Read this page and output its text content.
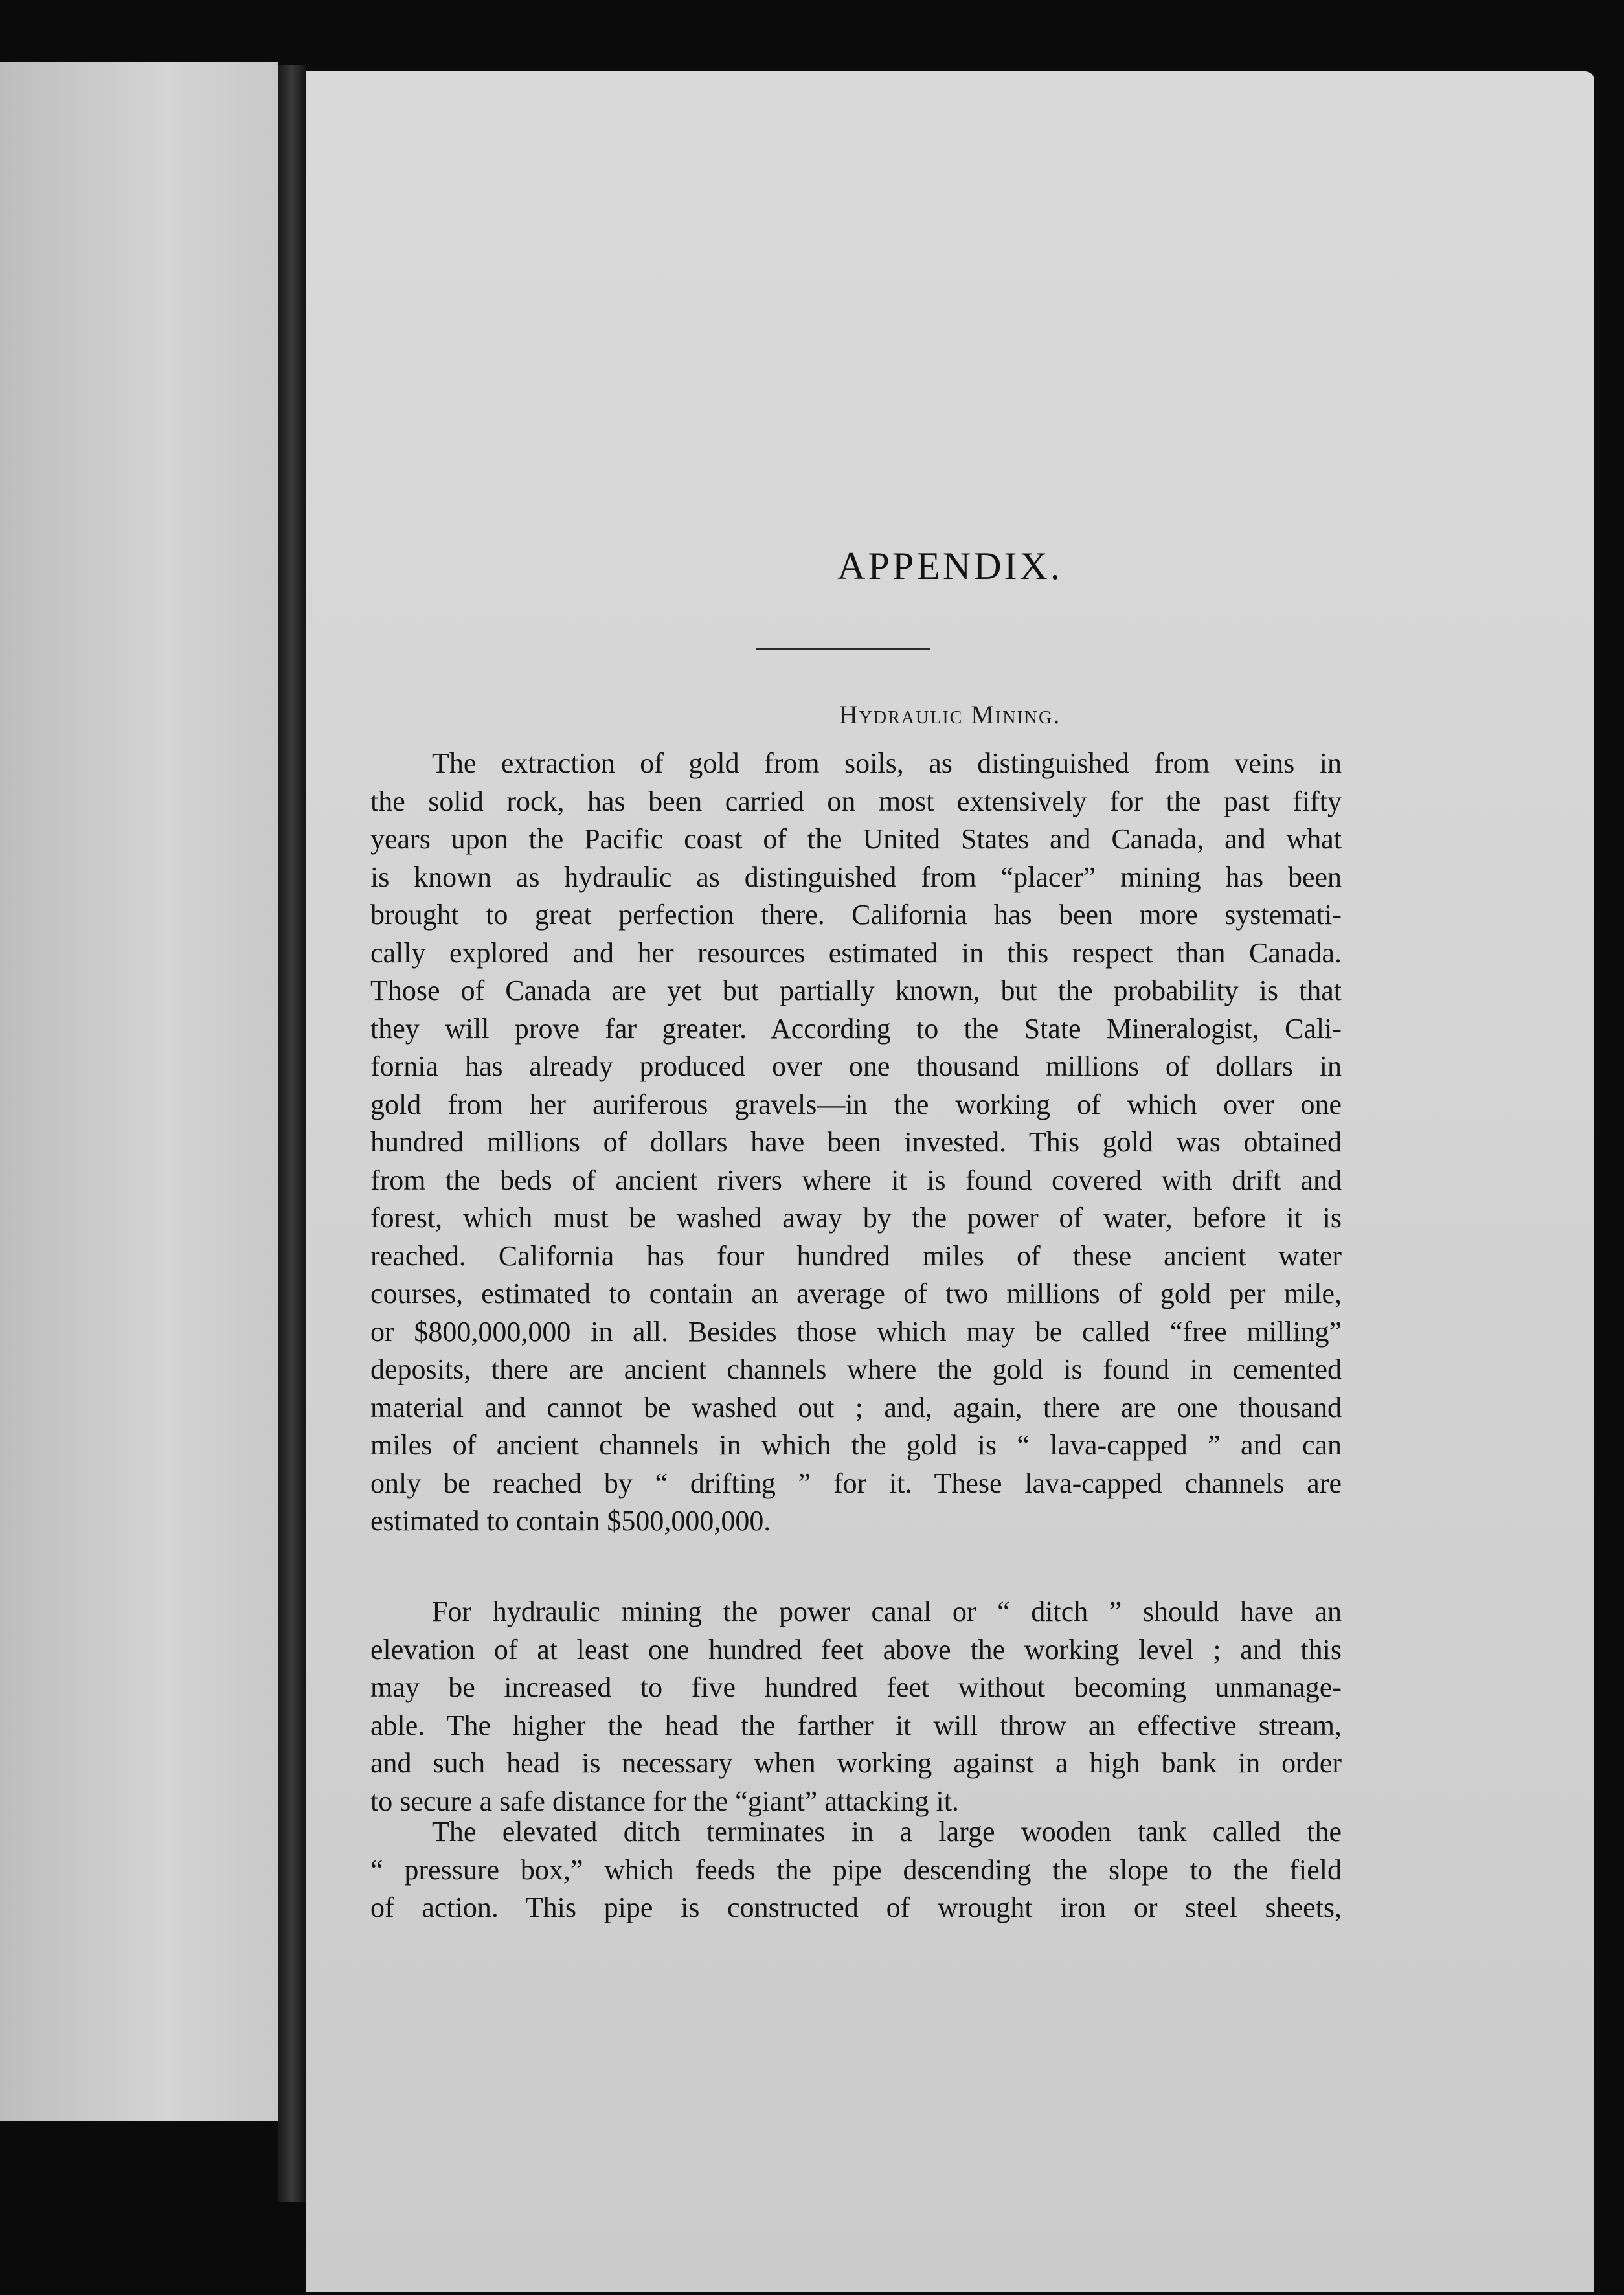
APPENDIX.
Hydraulic Mining.
The extraction of gold from soils, as distinguished from veins in
the solid rock, has been carried on most extensively for the past fifty
years upon the Pacific coast of the United States and Canada, and what
is known as hydraulic as distinguished from “placer” mining has been
brought to great perfection there. California has been more systemati-
cally explored and her resources estimated in this respect than Canada.
Those of Canada are yet but partially known, but the probability is that
they will prove far greater. According to the State Mineralogist, Cali-
fornia has already produced over one thousand millions of dollars in
gold from her auriferous gravels—in the working of which over one
hundred millions of dollars have been invested. This gold was obtained
from the beds of ancient rivers where it is found covered with drift and
forest, which must be washed away by the power of water, before it is
reached. California has four hundred miles of these ancient water
courses, estimated to contain an average of two millions of gold per mile,
or $800,000,000 in all. Besides those which may be called “free milling”
deposits, there are ancient channels where the gold is found in cemented
material and cannot be washed out ; and, again, there are one thousand
miles of ancient channels in which the gold is “ lava-capped ” and can
only be reached by “ drifting ” for it. These lava-capped channels are
estimated to contain $500,000,000.
For hydraulic mining the power canal or “ ditch ” should have an
elevation of at least one hundred feet above the working level ; and this
may be increased to five hundred feet without becoming unmanage-
able. The higher the head the farther it will throw an effective stream,
and such head is necessary when working against a high bank in order
to secure a safe distance for the “giant” attacking it.
The elevated ditch terminates in a large wooden tank called the
“ pressure box,” which feeds the pipe descending the slope to the field
of action. This pipe is constructed of wrought iron or steel sheets,
